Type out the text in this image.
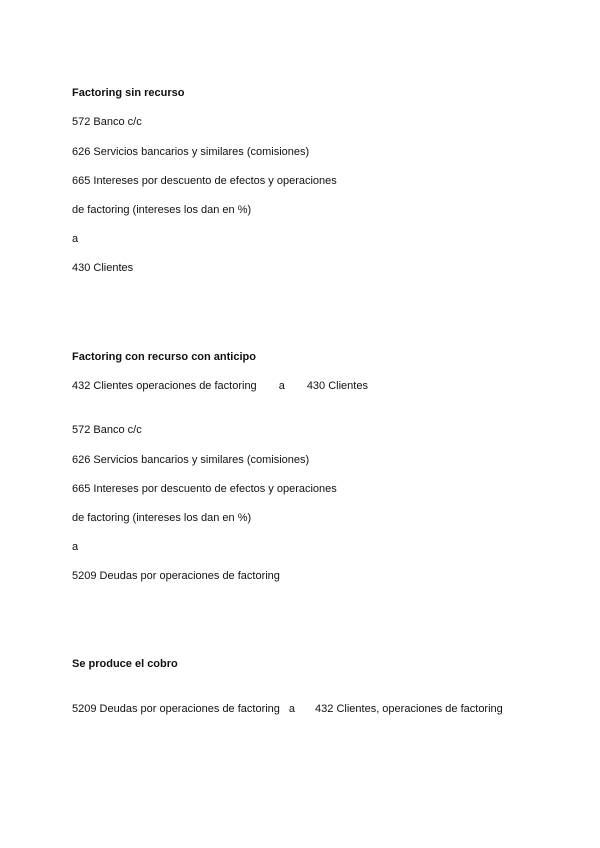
Factoring sin recurso
572 Banco c/c
626 Servicios bancarios y similares (comisiones)
665 Intereses por descuento de efectos y operaciones
de factoring (intereses los dan en %)
a
430 Clientes
Factoring con recurso con anticipo
432 Clientes operaciones de factoring a 430 Clientes
572 Banco c/c
626 Servicios bancarios y similares (comisiones)
665 Intereses por descuento de efectos y operaciones
de factoring (intereses los dan en %)
a
5209 Deudas por operaciones de factoring
Se produce el cobro
5209 Deudas por operaciones de factoring a 432 Clientes, operaciones de factoring
